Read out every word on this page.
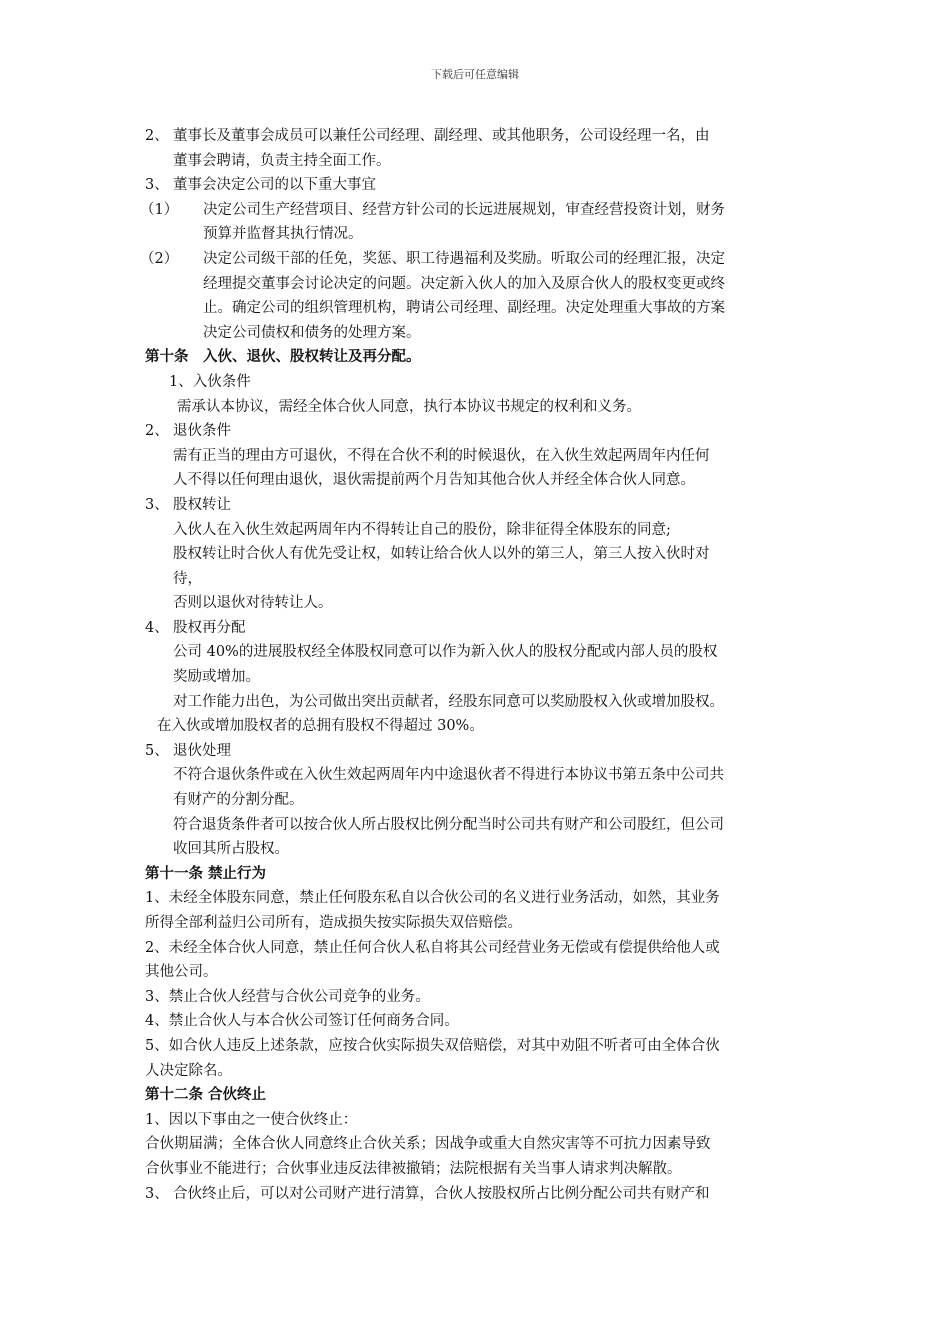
下载后可任意编辑
2、 董事长及董事会成员可以兼任公司经理、副经理、或其他职务，公司设经理一名，由
董事会聘请，负责主持全面工作。
3、 董事会决定公司的以下重大事宜
（1） 决定公司生产经营项目、经营方针公司的长远进展规划，审查经营投资计划，财务
预算并监督其执行情况。
（2） 决定公司级干部的任免，奖惩、职工待遇福利及奖励。听取公司的经理汇报，决定
经理提交董事会讨论决定的问题。决定新入伙人的加入及原合伙人的股权变更或终
止。确定公司的组织管理机构，聘请公司经理、副经理。决定处理重大事故的方案
决定公司债权和债务的处理方案。
第十条　入伙、退伙、股权转让及再分配。
1、入伙条件
需承认本协议，需经全体合伙人同意，执行本协议书规定的权利和义务。
2、 退伙条件
需有正当的理由方可退伙，不得在合伙不利的时候退伙，在入伙生效起两周年内任何
人不得以任何理由退伙，退伙需提前两个月告知其他合伙人并经全体合伙人同意。
3、 股权转让
入伙人在入伙生效起两周年内不得转让自己的股份，除非征得全体股东的同意;
股权转让时合伙人有优先受让权，如转让给合伙人以外的第三人，第三人按入伙时对
待，
否则以退伙对待转让人。
4、 股权再分配
公司 40%的进展股权经全体股权同意可以作为新入伙人的股权分配或内部人员的股权
奖励或增加。
对工作能力出色，为公司做出突出贡献者，经股东同意可以奖励股权入伙或增加股权。
在入伙或增加股权者的总拥有股权不得超过 30%。
5、 退伙处理
不符合退伙条件或在入伙生效起两周年内中途退伙者不得进行本协议书第五条中公司共
有财产的分割分配。
符合退货条件者可以按合伙人所占股权比例分配当时公司共有财产和公司股红，但公司
收回其所占股权。
第十一条 禁止行为
1、未经全体股东同意，禁止任何股东私自以合伙公司的名义进行业务活动，如然，其业务
所得全部利益归公司所有，造成损失按实际损失双倍赔偿。
2、未经全体合伙人同意，禁止任何合伙人私自将其公司经营业务无偿或有偿提供给他人或
其他公司。
3、禁止合伙人经营与合伙公司竞争的业务。
4、禁止合伙人与本合伙公司签订任何商务合同。
5、如合伙人违反上述条款，应按合伙实际损失双倍赔偿，对其中劝阻不听者可由全体合伙
人决定除名。
第十二条 合伙终止
1、因以下事由之一使合伙终止：
合伙期届满；全体合伙人同意终止合伙关系；因战争或重大自然灾害等不可抗力因素导致
合伙事业不能进行；合伙事业违反法律被撤销；法院根据有关当事人请求判决解散。
3、 合伙终止后，可以对公司财产进行清算，合伙人按股权所占比例分配公司共有财产和
